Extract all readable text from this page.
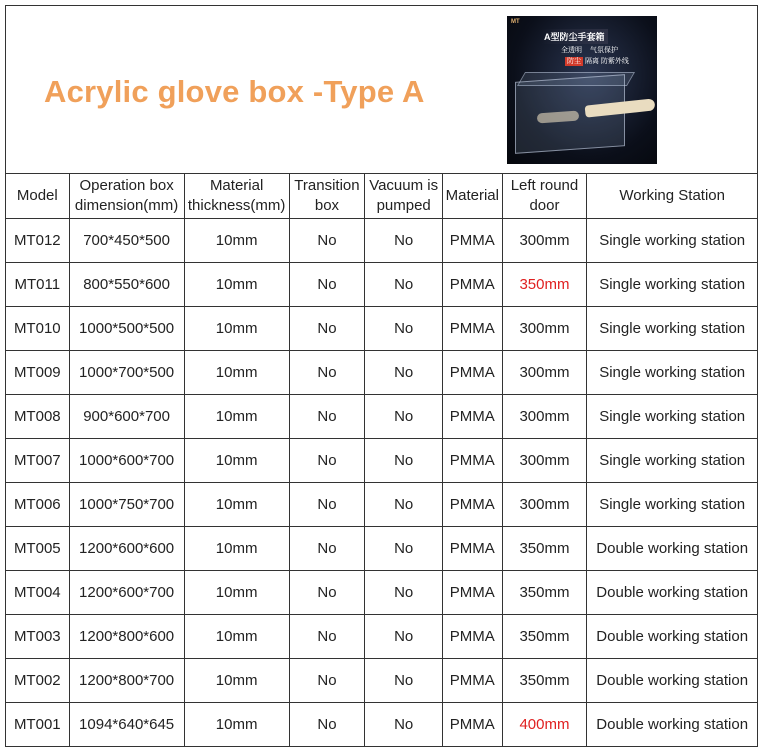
Acrylic glove box -Type A
MT
A型防尘手套箱
全透明 气氛保护
防尘 隔离 防紫外线
Model	Operation box dimension(mm)	Material thickness(mm)	Transition box	Vacuum is pumped	Material	Left round door	Working Station
MT012	700*450*500	10mm	No	No	PMMA	300mm	Single working station
MT011	800*550*600	10mm	No	No	PMMA	350mm	Single working station
MT010	1000*500*500	10mm	No	No	PMMA	300mm	Single working station
MT009	1000*700*500	10mm	No	No	PMMA	300mm	Single working station
MT008	900*600*700	10mm	No	No	PMMA	300mm	Single working station
MT007	1000*600*700	10mm	No	No	PMMA	300mm	Single working station
MT006	1000*750*700	10mm	No	No	PMMA	300mm	Single working station
MT005	1200*600*600	10mm	No	No	PMMA	350mm	Double working station
MT004	1200*600*700	10mm	No	No	PMMA	350mm	Double working station
MT003	1200*800*600	10mm	No	No	PMMA	350mm	Double working station
MT002	1200*800*700	10mm	No	No	PMMA	350mm	Double working station
MT001	1094*640*645	10mm	No	No	PMMA	400mm	Double working station
